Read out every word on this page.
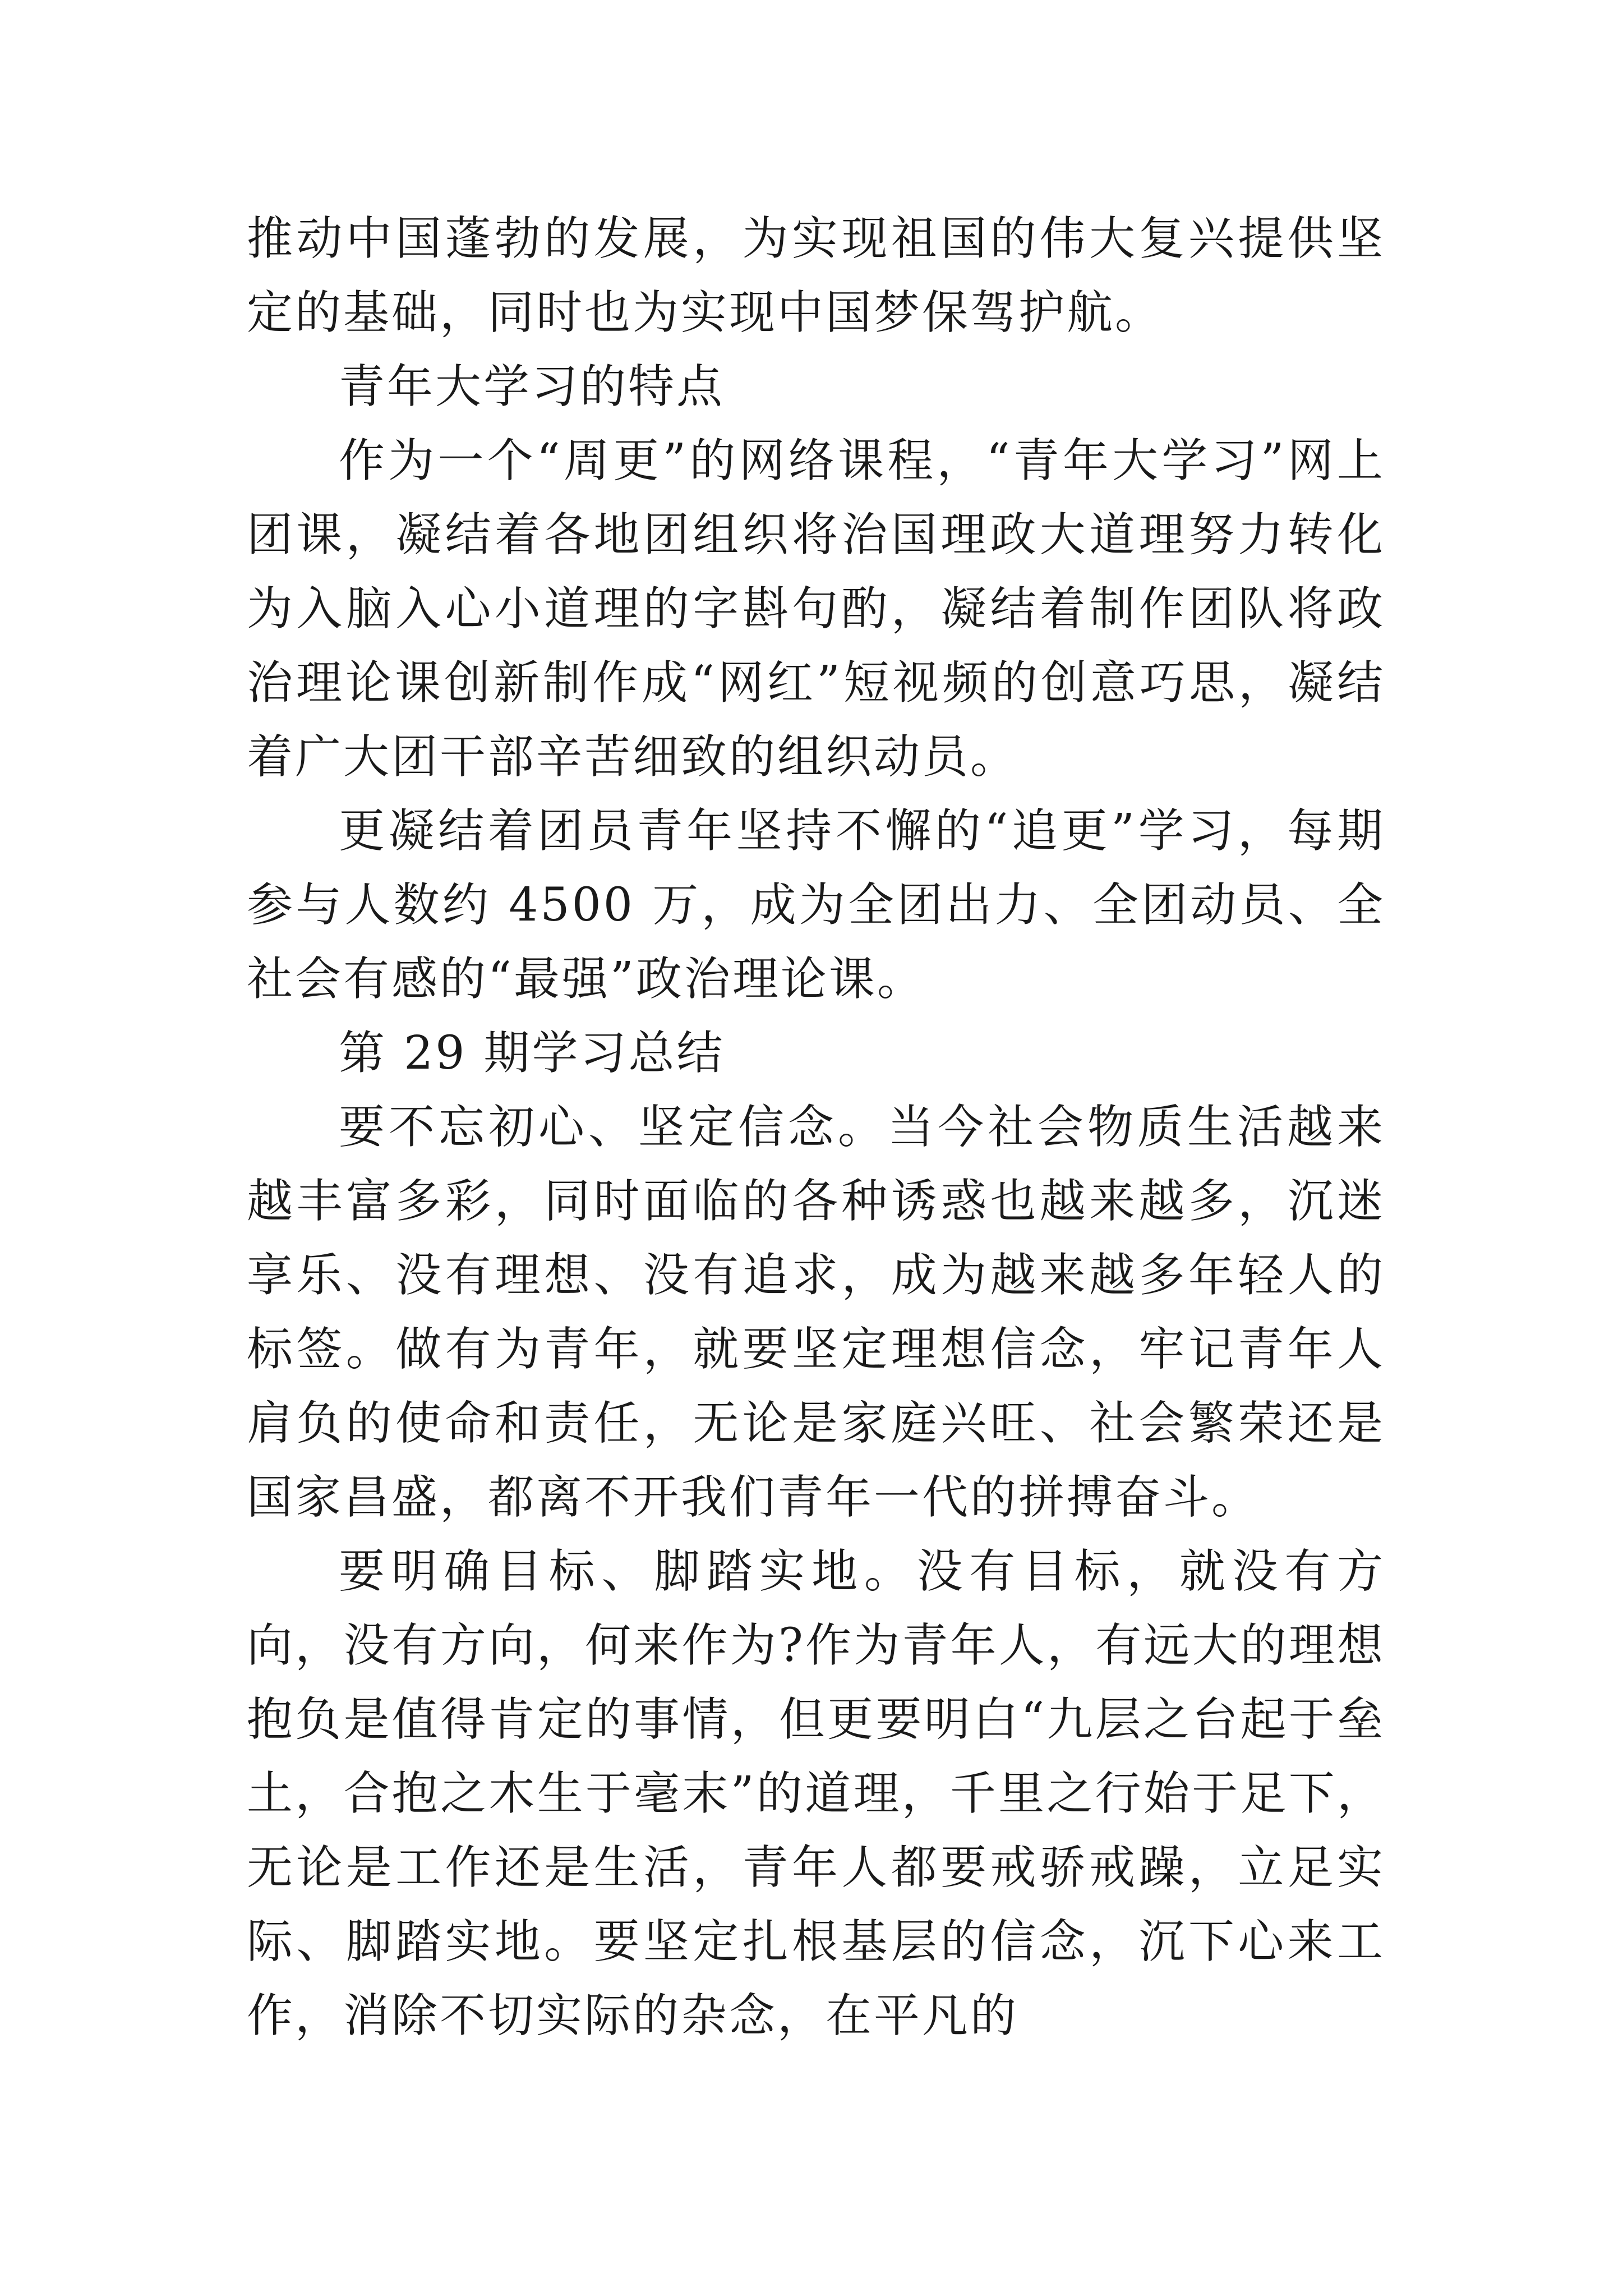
推动中国蓬勃的发展，为实现祖国的伟大复兴提供坚定的基础，同时也为实现中国梦保驾护航。

青年大学习的特点

作为一个“周更”的网络课程，“青年大学习”网上团课，凝结着各地团组织将治国理政大道理努力转化为入脑入心小道理的字斟句酌，凝结着制作团队将政治理论课创新制作成“网红”短视频的创意巧思，凝结着广大团干部辛苦细致的组织动员。

更凝结着团员青年坚持不懈的“追更”学习，每期参与人数约 4500 万，成为全团出力、全团动员、全社会有感的“最强”政治理论课。

第 29 期学习总结

要不忘初心、坚定信念。当今社会物质生活越来越丰富多彩，同时面临的各种诱惑也越来越多，沉迷享乐、没有理想、没有追求，成为越来越多年轻人的标签。做有为青年，就要坚定理想信念，牢记青年人肩负的使命和责任，无论是家庭兴旺、社会繁荣还是国家昌盛，都离不开我们青年一代的拼搏奋斗。

要明确目标、脚踏实地。没有目标，就没有方向，没有方向，何来作为?作为青年人，有远大的理想抱负是值得肯定的事情，但更要明白“九层之台起于垒土，合抱之木生于毫末”的道理，千里之行始于足下，无论是工作还是生活，青年人都要戒骄戒躁，立足实际、脚踏实地。要坚定扎根基层的信念，沉下心来工作，消除不切实际的杂念，在平凡的
